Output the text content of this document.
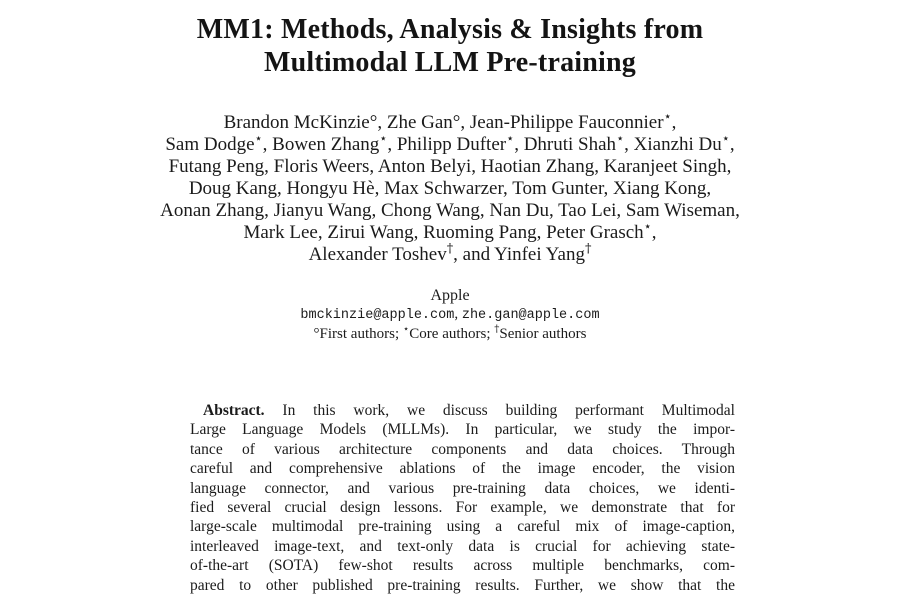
MM1: Methods, Analysis & Insights from
Multimodal LLM Pre-training
Brandon McKinzie°, Zhe Gan°, Jean-Philippe Fauconnier⋆,
Sam Dodge⋆, Bowen Zhang⋆, Philipp Dufter⋆, Dhruti Shah⋆, Xianzhi Du⋆,
Futang Peng, Floris Weers, Anton Belyi, Haotian Zhang, Karanjeet Singh,
Doug Kang, Hongyu Hè, Max Schwarzer, Tom Gunter, Xiang Kong,
Aonan Zhang, Jianyu Wang, Chong Wang, Nan Du, Tao Lei, Sam Wiseman,
Mark Lee, Zirui Wang, Ruoming Pang, Peter Grasch⋆,
Alexander Toshev†, and Yinfei Yang†
Apple
bmckinzie@apple.com, zhe.gan@apple.com
°First authors; ⋆Core authors; †Senior authors
Abstract. In this work, we discuss building performant Multimodal
Large Language Models (MLLMs). In particular, we study the impor-
tance of various architecture components and data choices. Through
careful and comprehensive ablations of the image encoder, the vision
language connector, and various pre-training data choices, we identi-
fied several crucial design lessons. For example, we demonstrate that for
large-scale multimodal pre-training using a careful mix of image-caption,
interleaved image-text, and text-only data is crucial for achieving state-
of-the-art (SOTA) few-shot results across multiple benchmarks, com-
pared to other published pre-training results. Further, we show that the
